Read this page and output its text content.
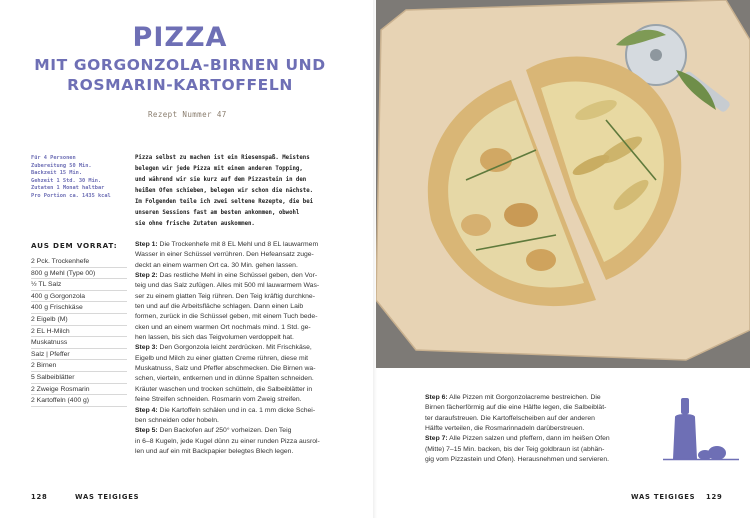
PIZZA
MIT GORGONZOLA-BIRNEN UND
ROSMARIN-KARTOFFELN
Rezept Nummer 47
Für 4 Personen
Zubereitung 50 Min.
Backzeit 15 Min.
Gehzeit 1 Std. 30 Min.
Zutaten 1 Monat haltbar
Pro Portion ca. 1435 kcal
Pizza selbst zu machen ist ein Riesenspaß. Meistens
belegen wir jede Pizza mit einem anderen Topping,
und während wir sie kurz auf dem Pizzastein in den
heißen Ofen schieben, belegen wir schon die nächste.
Im Folgenden teile ich zwei seltene Rezepte, die bei
unseren Sessions fast am besten ankommen, obwohl
sie ohne frische Zutaten auskommen.
AUS DEM VORRAT:
2 Pck. Trockenhefe
800 g Mehl (Type 00)
½ TL Salz
400 g Gorgonzola
400 g Frischkäse
2 Eigelb (M)
2 EL H-Milch
Muskatnuss
Salz | Pfeffer
2 Birnen
5 Salbeiblätter
2 Zweige Rosmarin
2 Kartoffeln (400 g)
Step 1: Die Trockenhefe mit 8 EL Mehl und 8 EL lauwarmem
Wasser in einer Schüssel verrühren. Den Hefeansatz zuge-
deckt an einem warmen Ort ca. 30 Min. gehen lassen.
Step 2: Das restliche Mehl in eine Schüssel geben, den Vor-
teig und das Salz zufügen. Alles mit 500 ml lauwarmem Was-
ser zu einem glatten Teig rühren. Den Teig kräftig durchkne-
ten und auf die Arbeitsfläche schlagen. Dann einen Laib
formen, zurück in die Schüssel geben, mit einem Tuch bede-
cken und an einem warmen Ort nochmals mind. 1 Std. ge-
hen lassen, bis sich das Teigvolumen verdoppelt hat.
Step 3: Den Gorgonzola leicht zerdrücken. Mit Frischkäse,
Eigelb und Milch zu einer glatten Creme rühren, diese mit
Muskatnuss, Salz und Pfeffer abschmecken. Die Birnen wa-
schen, vierteln, entkernen und in dünne Spalten schneiden.
Kräuter waschen und trocken schütteln, die Salbeiblätter in
feine Streifen schneiden. Rosmarin vom Zweig streifen.
Step 4: Die Kartoffeln schälen und in ca. 1 mm dicke Schei-
ben schneiden oder hobeln.
Step 5: Den Backofen auf 250° vorheizen. Den Teig
in 6–8 Kugeln, jede Kugel dünn zu einer runden Pizza ausrol-
len und auf ein mit Backpapier belegtes Blech legen.
Step 6: Alle Pizzen mit Gorgonzolacreme bestreichen. Die
Birnen fächerförmig auf die eine Hälfte legen, die Salbeiblät-
ter daraufstreuen. Die Kartoffelscheiben auf der anderen
Hälfte verteilen, die Rosmarinnadeln darüberstreuen.
Step 7: Alle Pizzen salzen und pfeffern, dann im heißen Ofen
(Mitte) 7–15 Min. backen, bis der Teig goldbraun ist (abhän-
gig vom Pizzastein und Ofen). Herausnehmen und servieren.
128	WAS TEIGIGES	WAS TEIGIGES 129
